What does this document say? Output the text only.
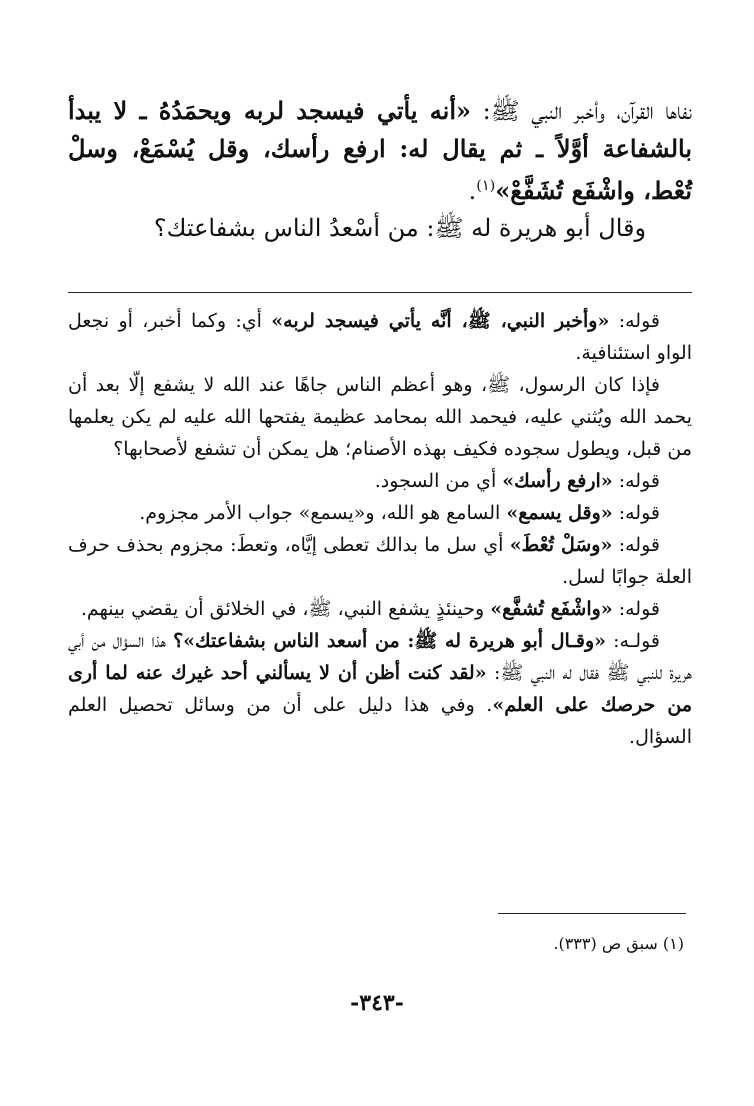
نفاها القرآن، وأخبر النبي ﷺ: «أنه يأتي فيسجد لربه ويحمَدُهُ ـ لا يبدأ بالشفاعة أوَّلاً ـ ثم يقال له: ارفع رأسك، وقل يُسْمَعْ، وسلْ تُعْط، واشْفَع تُشَفَّعْ»$^{(١)}$.

وقال أبو هريرة له ﷺ: من أسْعدُ الناس بشفاعتك؟

قوله: «وأخبر النبي، ﷺ، أنَّه يأتي فيسجد لربه» أي: وكما أخبر، أو نجعل الواو استئنافية.

فإذا كان الرسول، ﷺ، وهو أعظم الناس جاهًا عند الله لا يشفع إلّا بعد أن يحمد الله ويُثني عليه، فيحمد الله بمحامد عظيمة يفتحها الله عليه لم يكن يعلمها من قبل، ويطول سجوده فكيف بهذه الأصنام؛ هل يمكن أن تشفع لأصحابها؟

قوله: «ارفع رأسك» أي من السجود.

قوله: «وقل يسمع» السامع هو الله، و«يسمع» جواب الأمر مجزوم.

قوله: «وسَلْ تُعْطَ» أي سل ما بدالك تعطى إيَّاه، وتعطَ: مجزوم بحذف حرف العلة جوابًا لسل.

قوله: «واشْفَع تُشفَّع» وحينئذٍ يشفع النبي، ﷺ، في الخلائق أن يقضي بينهم.

قولـه: «وقـال أبو هريرة له ﷺ: من أسعد الناس بشفاعتك»؟ هذا السؤال من أبي هريرة للنبي ﷺ فقال له النبي ﷺ: «لقد كنت أظن أن لا يسألني أحد غيرك عنه لما أرى من حرصك على العلم». وفي هذا دليل على أن من وسائل تحصيل العلم السؤال.

(١) سبق ص (٣٣٣).
-٣٤٣-
